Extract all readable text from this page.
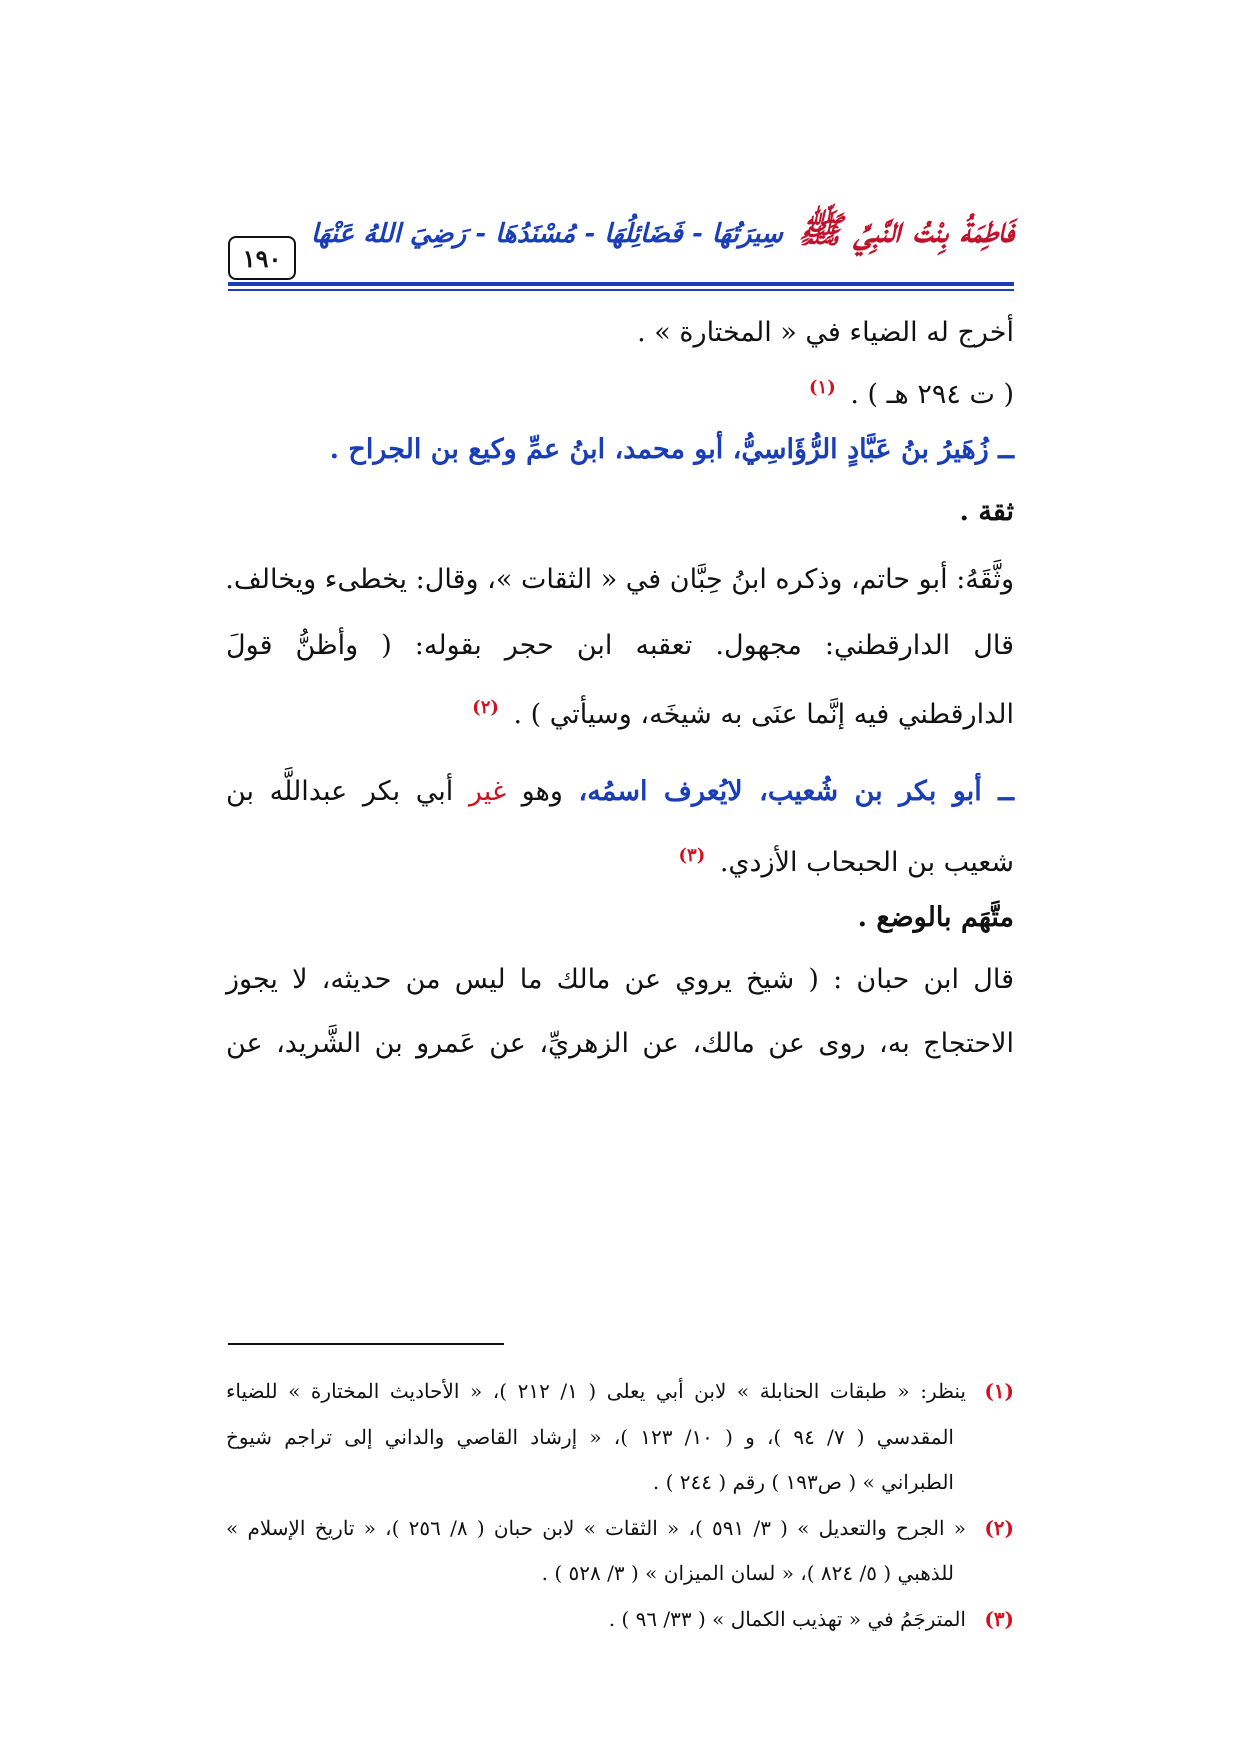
١٩٠
فَاطِمَةُ بِنْتُ النَّبِيِّ ﷺ سِيرَتُهَا - فَضَائِلُهَا - مُسْنَدُهَا - رَضِيَ اللهُ عَنْهَا
أخرج له الضياء في « المختارة » .
( ت ٢٩٤ هـ ) . $^{(١)}$
ــ زُهَيرُ بنُ عَبَّادٍ الرُّؤَاسِيُّ، أبو محمد، ابنُ عمِّ وكيع بن الجراح .
ثقة .
وثَّقَهُ: أبو حاتم، وذكره ابنُ حِبَّان في « الثقات »، وقال: يخطىء ويخالف.
قال الدارقطني: مجهول. تعقبه ابن حجر بقوله: ( وأظنُّ قولَ
الدارقطني فيه إنَّما عنَى به شيخَه، وسيأتي ) . $^{(٢)}$
ــ أبو بكر بن شُعيب، لايُعرف اسمُه، وهو غير أبي بكر عبداللَّه بن
شعيب بن الحبحاب الأزدي. $^{(٣)}$
متَّهَم بالوضع .
قال ابن حبان : ( شيخ يروي عن مالك ما ليس من حديثه، لا يجوز
الاحتجاج به، روى عن مالك، عن الزهريِّ، عن عَمرو بن الشَّريد، عن
(١)ينظر: « طبقات الحنابلة » لابن أبي يعلى ( ١/ ٢١٢ )، « الأحاديث المختارة » للضياء
المقدسي ( ٧/ ٩٤ )، و ( ١٠/ ١٢٣ )، « إرشاد القاصي والداني إلى تراجم شيوخ
الطبراني » ( ص١٩٣ ) رقم ( ٢٤٤ ) .
(٢)« الجرح والتعديل » ( ٣/ ٥٩١ )، « الثقات » لابن حبان ( ٨/ ٢٥٦ )، « تاريخ الإسلام »
للذهبي ( ٥/ ٨٢٤ )، « لسان الميزان » ( ٣/ ٥٢٨ ) .
(٣)المترجَمُ في « تهذيب الكمال » ( ٣٣/ ٩٦ ) .
